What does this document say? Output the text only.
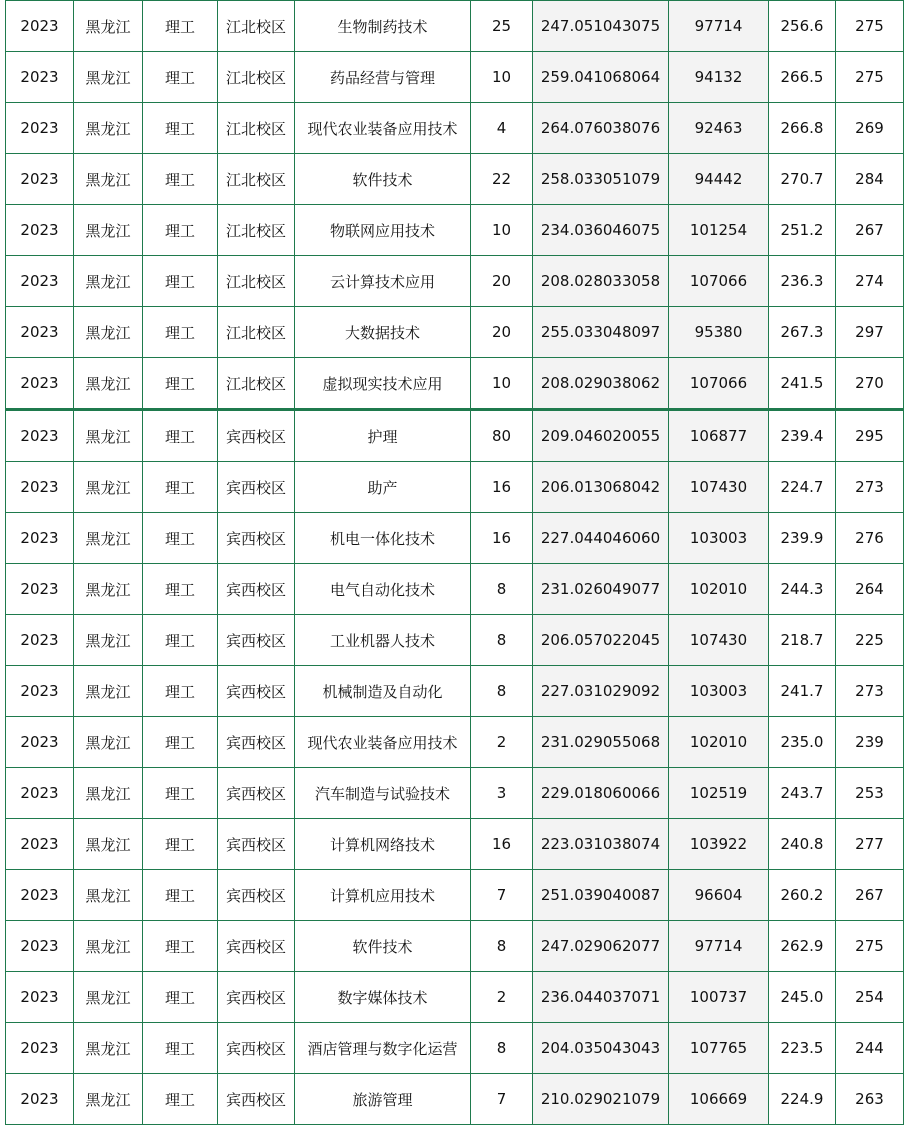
2023	黑龙江	理工	江北校区	生物制药技术	25	247.051043075	97714	256.6	275
2023	黑龙江	理工	江北校区	药品经营与管理	10	259.041068064	94132	266.5	275
2023	黑龙江	理工	江北校区	现代农业装备应用技术	4	264.076038076	92463	266.8	269
2023	黑龙江	理工	江北校区	软件技术	22	258.033051079	94442	270.7	284
2023	黑龙江	理工	江北校区	物联网应用技术	10	234.036046075	101254	251.2	267
2023	黑龙江	理工	江北校区	云计算技术应用	20	208.028033058	107066	236.3	274
2023	黑龙江	理工	江北校区	大数据技术	20	255.033048097	95380	267.3	297
2023	黑龙江	理工	江北校区	虚拟现实技术应用	10	208.029038062	107066	241.5	270
2023	黑龙江	理工	宾西校区	护理	80	209.046020055	106877	239.4	295
2023	黑龙江	理工	宾西校区	助产	16	206.013068042	107430	224.7	273
2023	黑龙江	理工	宾西校区	机电一体化技术	16	227.044046060	103003	239.9	276
2023	黑龙江	理工	宾西校区	电气自动化技术	8	231.026049077	102010	244.3	264
2023	黑龙江	理工	宾西校区	工业机器人技术	8	206.057022045	107430	218.7	225
2023	黑龙江	理工	宾西校区	机械制造及自动化	8	227.031029092	103003	241.7	273
2023	黑龙江	理工	宾西校区	现代农业装备应用技术	2	231.029055068	102010	235.0	239
2023	黑龙江	理工	宾西校区	汽车制造与试验技术	3	229.018060066	102519	243.7	253
2023	黑龙江	理工	宾西校区	计算机网络技术	16	223.031038074	103922	240.8	277
2023	黑龙江	理工	宾西校区	计算机应用技术	7	251.039040087	96604	260.2	267
2023	黑龙江	理工	宾西校区	软件技术	8	247.029062077	97714	262.9	275
2023	黑龙江	理工	宾西校区	数字媒体技术	2	236.044037071	100737	245.0	254
2023	黑龙江	理工	宾西校区	酒店管理与数字化运营	8	204.035043043	107765	223.5	244
2023	黑龙江	理工	宾西校区	旅游管理	7	210.029021079	106669	224.9	263
